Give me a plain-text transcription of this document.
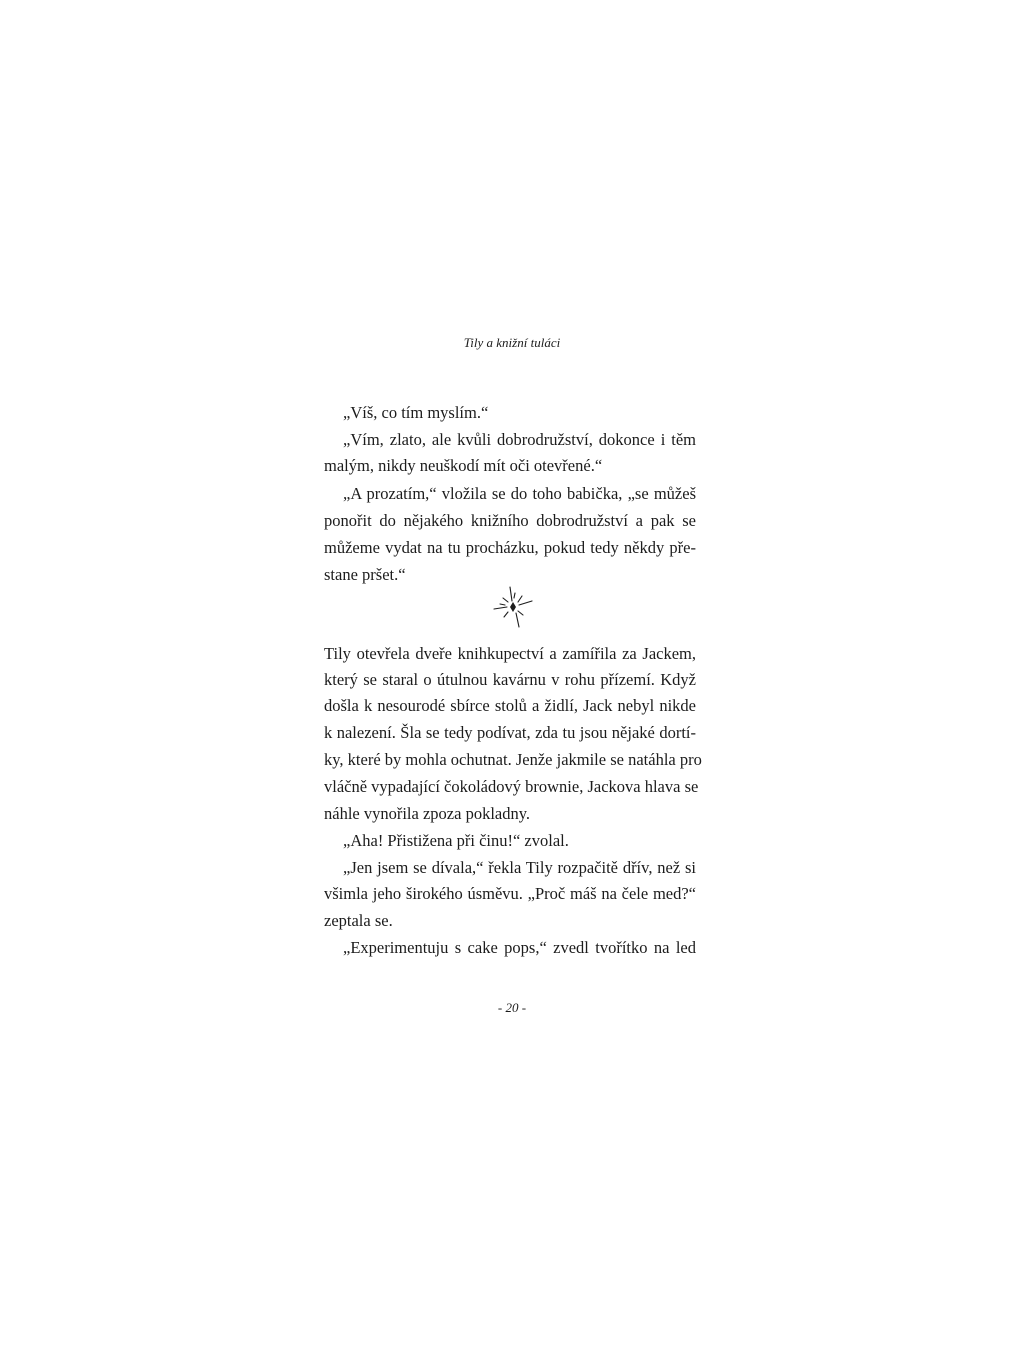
Tily a knižní tuláci
„Víš, co tím myslím.“
„Vím, zlato, ale kvůli dobrodružství, dokonce i těm
malým, nikdy neuškodí mít oči otevřené.“
„A prozatím,“ vložila se do toho babička, „se můžeš
ponořit do nějakého knižního dobrodružství a pak se
můžeme vydat na tu procházku, pokud tedy někdy pře-
stane pršet.“
Tily otevřela dveře knihkupectví a zamířila za Jackem,
který se staral o útulnou kavárnu v rohu přízemí. Když
došla k nesourodé sbírce stolů a židlí, Jack nebyl nikde
k nalezení. Šla se tedy podívat, zda tu jsou nějaké dortí-
ky, které by mohla ochutnat. Jenže jakmile se natáhla pro
vláčně vypadající čokoládový brownie, Jackova hlava se
náhle vynořila zpoza pokladny.
„Aha! Přistižena při činu!“ zvolal.
„Jen jsem se dívala,“ řekla Tily rozpačitě dřív, než si
všimla jeho širokého úsměvu. „Proč máš na čele med?“
zeptala se.
„Experimentuju s cake pops,“ zvedl tvořítko na led
- 20 -
